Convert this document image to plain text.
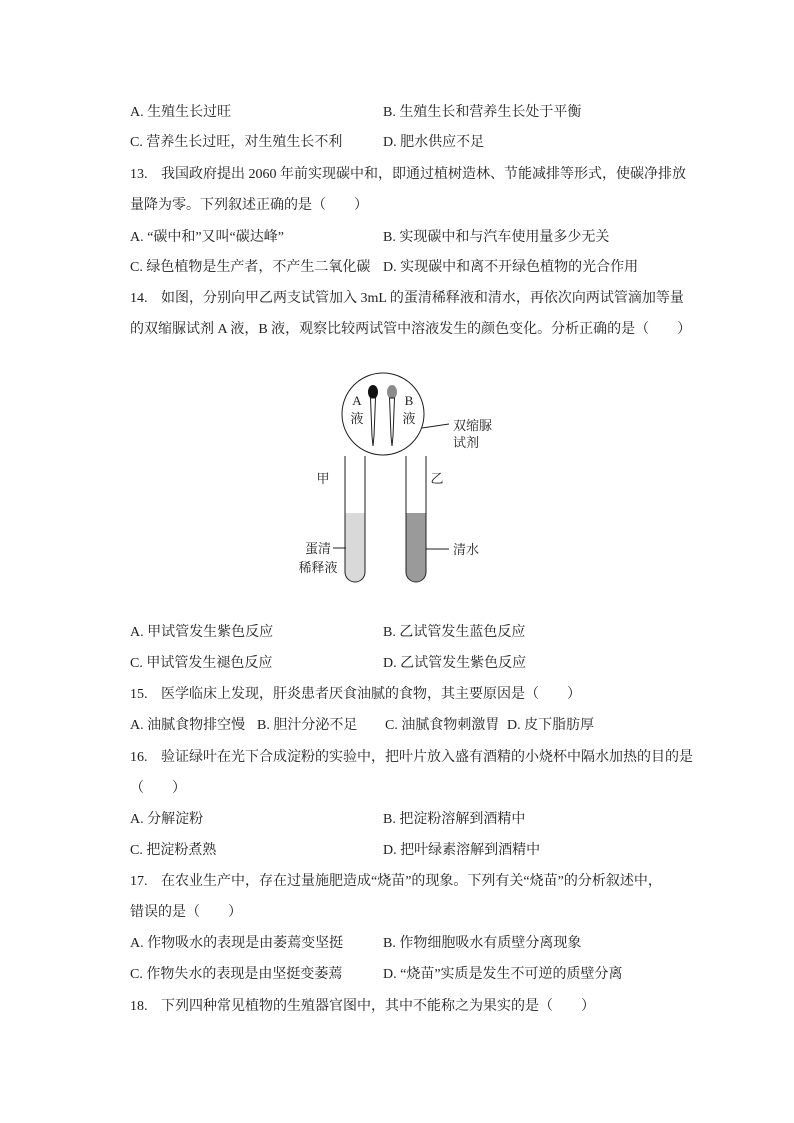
A. 生殖生长过旺	B. 生殖生长和营养生长处于平衡
C. 营养生长过旺，对生殖生长不利	D. 肥水供应不足
13. 我国政府提出 2060 年前实现碳中和，即通过植树造林、节能减排等形式，使碳净排放
量降为零。下列叙述正确的是（　　）
A. “碳中和”又叫“碳达峰”	B. 实现碳中和与汽车使用量多少无关
C. 绿色植物是生产者，不产生二氧化碳 D. 实现碳中和离不开绿色植物的光合作用
14. 如图，分别向甲乙两支试管加入 3mL 的蛋清稀释液和清水，再依次向两试管滴加等量
的双缩脲试剂 A 液，B 液，观察比较两试管中溶液发生的颜色变化。分析正确的是（　　）
A
液
B
液	双缩脲
试剂
甲	乙
蛋清
稀释液
清水
A. 甲试管发生紫色反应	B. 乙试管发生蓝色反应
C. 甲试管发生褪色反应	D. 乙试管发生紫色反应
15. 医学临床上发现，肝炎患者厌食油腻的食物，其主要原因是（　　）
A. 油腻食物排空慢 B. 胆汁分泌不足 C. 油腻食物刺激胃 D. 皮下脂肪厚
16. 验证绿叶在光下合成淀粉的实验中，把叶片放入盛有酒精的小烧杯中隔水加热的目的是
（　　）
A. 分解淀粉	B. 把淀粉溶解到酒精中
C. 把淀粉煮熟	D. 把叶绿素溶解到酒精中
17. 在农业生产中，存在过量施肥造成“烧苗”的现象。下列有关“烧苗”的分析叙述中，
错误的是（　　）
A. 作物吸水的表现是由萎蔫变坚挺	B. 作物细胞吸水有质壁分离现象
C. 作物失水的表现是由坚挺变萎蔫	D. “烧苗”实质是发生不可逆的质壁分离
18. 下列四种常见植物的生殖器官图中，其中不能称之为果实的是（　　）
